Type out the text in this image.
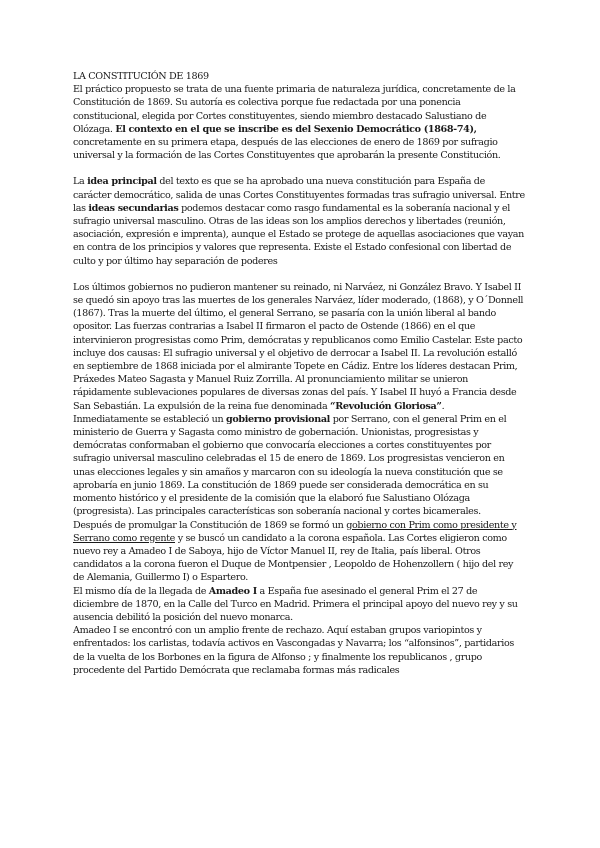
LA CONSTITUCIÓN DE 1869

El práctico propuesto se trata de una fuente primaria de naturaleza jurídica, concretamente de la Constitución de 1869. Su autoría es colectiva porque fue redactada por una ponencia constitucional, elegida por Cortes constituyentes, siendo miembro destacado Salustiano de Olózaga. El contexto en el que se inscribe es del Sexenio Democrático (1868-74), concretamente en su primera etapa, después de las elecciones de enero de 1869 por sufragio universal y la formación de las Cortes Constituyentes que aprobarán la presente Constitución.

La idea principal del texto es que se ha aprobado una nueva constitución para España de carácter democrático, salida de unas Cortes Constituyentes formadas tras sufragio universal. Entre las ideas secundarias podemos destacar como rasgo fundamental es la soberanía nacional y el sufragio universal masculino. Otras de las ideas son los amplios derechos y libertades (reunión, asociación, expresión e imprenta), aunque el Estado se protege de aquellas asociaciones que vayan en contra de los principios y valores que representa. Existe el Estado confesional con libertad de culto y por último hay separación de poderes

Los últimos gobiernos no pudieron mantener su reinado, ni Narváez, ni González Bravo. Y Isabel II se quedó sin apoyo tras las muertes de los generales Narváez, líder moderado, (1868), y O´Donnell (1867). Tras la muerte del último, el general Serrano, se pasaría con la unión liberal al bando opositor. Las fuerzas contrarias a Isabel II firmaron el pacto de Ostende (1866) en el que intervinieron progresistas como Prim, demócratas y republicanos como Emilio Castelar. Este pacto incluye dos causas: El sufragio universal y el objetivo de derrocar a Isabel II. La revolución estalló en septiembre de 1868 iniciada por el almirante Topete en Cádiz. Entre los líderes destacan Prim, Práxedes Mateo Sagasta y Manuel Ruiz Zorrilla. Al pronunciamiento militar se unieron rápidamente sublevaciones populares de diversas zonas del país. Y Isabel II huyó a Francia desde San Sebastián. La expulsión de la reina fue denominada “Revolución Gloriosa”.

Inmediatamente se estableció un gobierno provisional por Serrano, con el general Prim en el ministerio de Guerra y Sagasta como ministro de gobernación. Unionistas, progresistas y demócratas conformaban el gobierno que convocaría elecciones a cortes constituyentes por sufragio universal masculino celebradas el 15 de enero de 1869. Los progresistas vencieron en unas elecciones legales y sin amaños y marcaron con su ideología la nueva constitución que se aprobaría en junio 1869. La constitución de 1869 puede ser considerada democrática en su momento histórico y el presidente de la comisión que la elaboró fue Salustiano Olózaga (progresista). Las principales características son soberanía nacional y cortes bicamerales.

Después de promulgar la Constitución de 1869 se formó un gobierno con Prim como presidente y Serrano como regente y se buscó un candidato a la corona española. Las Cortes eligieron como nuevo rey a Amadeo I de Saboya, hijo de Víctor Manuel II, rey de Italia, país liberal. Otros candidatos a la corona fueron el Duque de Montpensier , Leopoldo de Hohenzollern ( hijo del rey de Alemania, Guillermo I) o Espartero.

El mismo día de la llegada de Amadeo I a España fue asesinado el general Prim el 27 de diciembre de 1870, en la Calle del Turco en Madrid. Primera el principal apoyo del nuevo rey y su ausencia debilitó la posición del nuevo monarca.

Amadeo I se encontró con un amplio frente de rechazo. Aquí estaban grupos variopintos y enfrentados: los carlistas, todavía activos en Vascongadas y Navarra; los “alfonsinos”, partidarios de la vuelta de los Borbones en la figura de Alfonso ; y finalmente los republicanos , grupo procedente del Partido Demócrata que reclamaba formas más radicales
